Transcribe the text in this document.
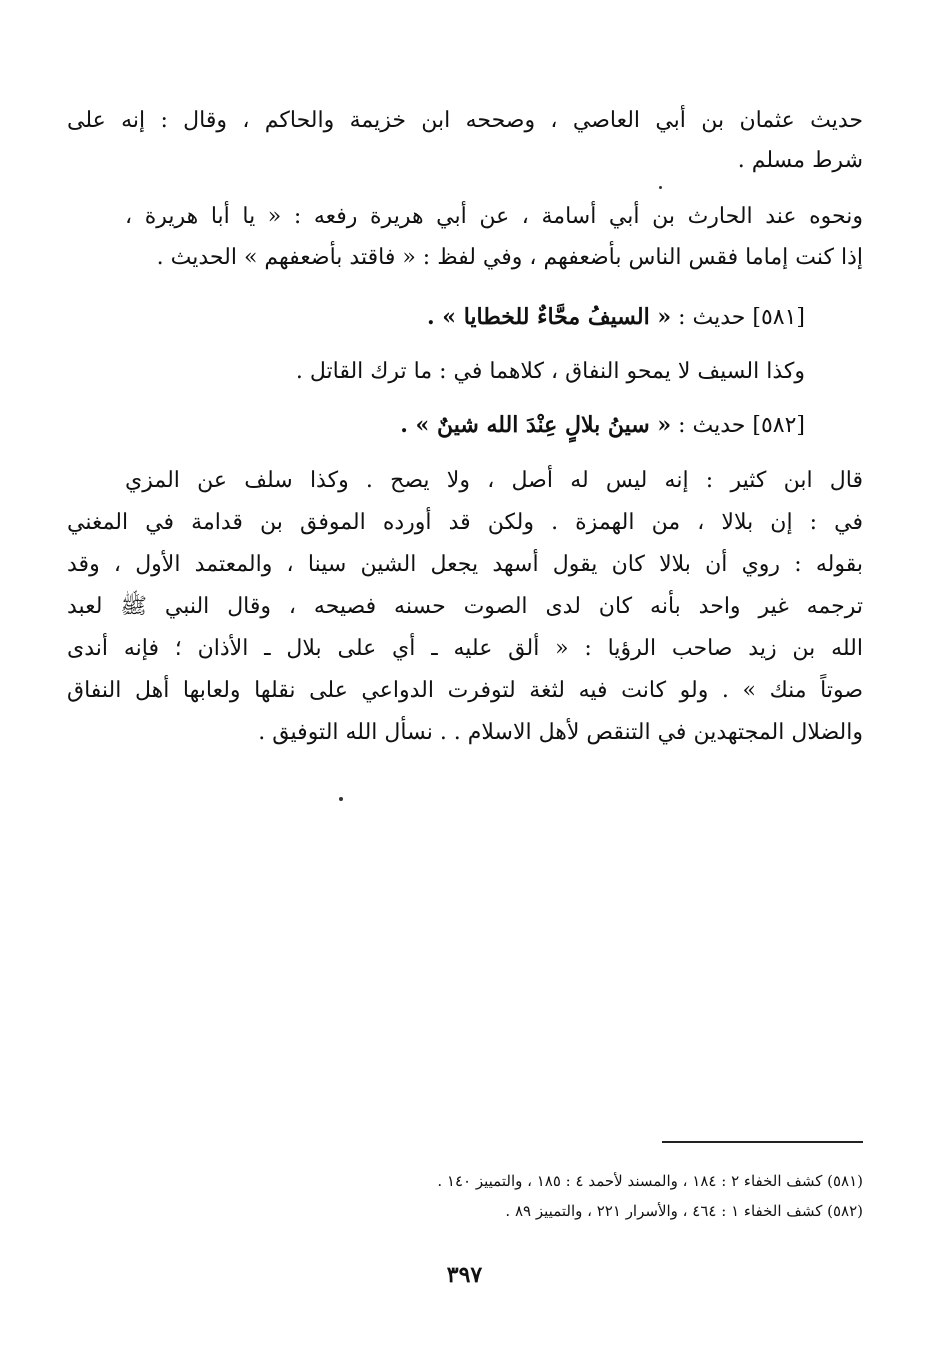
حديث عثمان بن أبي العاصي ، وصححه ابن خزيمة والحاكم ، وقال : إنه على
شرط مسلم .
ونحوه عند الحارث بن أبي أسامة ، عن أبي هريرة رفعه : « يا أبا هريرة ،
إذا كنت إماما فقس الناس بأضعفهم ، وفي لفظ : « فاقتد بأضعفهم » الحديث .
[٥٨١] حديث : « السيفُ محَّاءٌ للخطايا » .
وكذا السيف لا يمحو النفاق ، كلاهما في : ما ترك القاتل .
[٥٨٢] حديث : « سينُ بلالٍ عِنْدَ الله شينٌ » .
قال ابن كثير : إنه ليس له أصل ، ولا يصح . وكذا سلف عن المزي
في : إن بلالا ، من الهمزة . ولكن قد أورده الموفق بن قدامة في المغني
بقوله : روي أن بلالا كان يقول أسهد يجعل الشين سينا ، والمعتمد الأول ، وقد
ترجمه غير واحد بأنه كان لدى الصوت حسنه فصيحه ، وقال النبي ﷺ لعبد
الله بن زيد صاحب الرؤيا : « ألق عليه ـ أي على بلال ـ الأذان ؛ فإنه أندى
صوتاً منك » . ولو كانت فيه لثغة لتوفرت الدواعي على نقلها ولعابها أهل النفاق
والضلال المجتهدين في التنقص لأهل الاسلام . . نسأل الله التوفيق .
(٥٨١) كشف الخفاء ٢ : ١٨٤ ، والمسند لأحمد ٤ : ١٨٥ ، والتمييز ١٤٠ .
(٥٨٢) كشف الخفاء ١ : ٤٦٤ ، والأسرار ٢٢١ ، والتمييز ٨٩ .
٣٩٧
